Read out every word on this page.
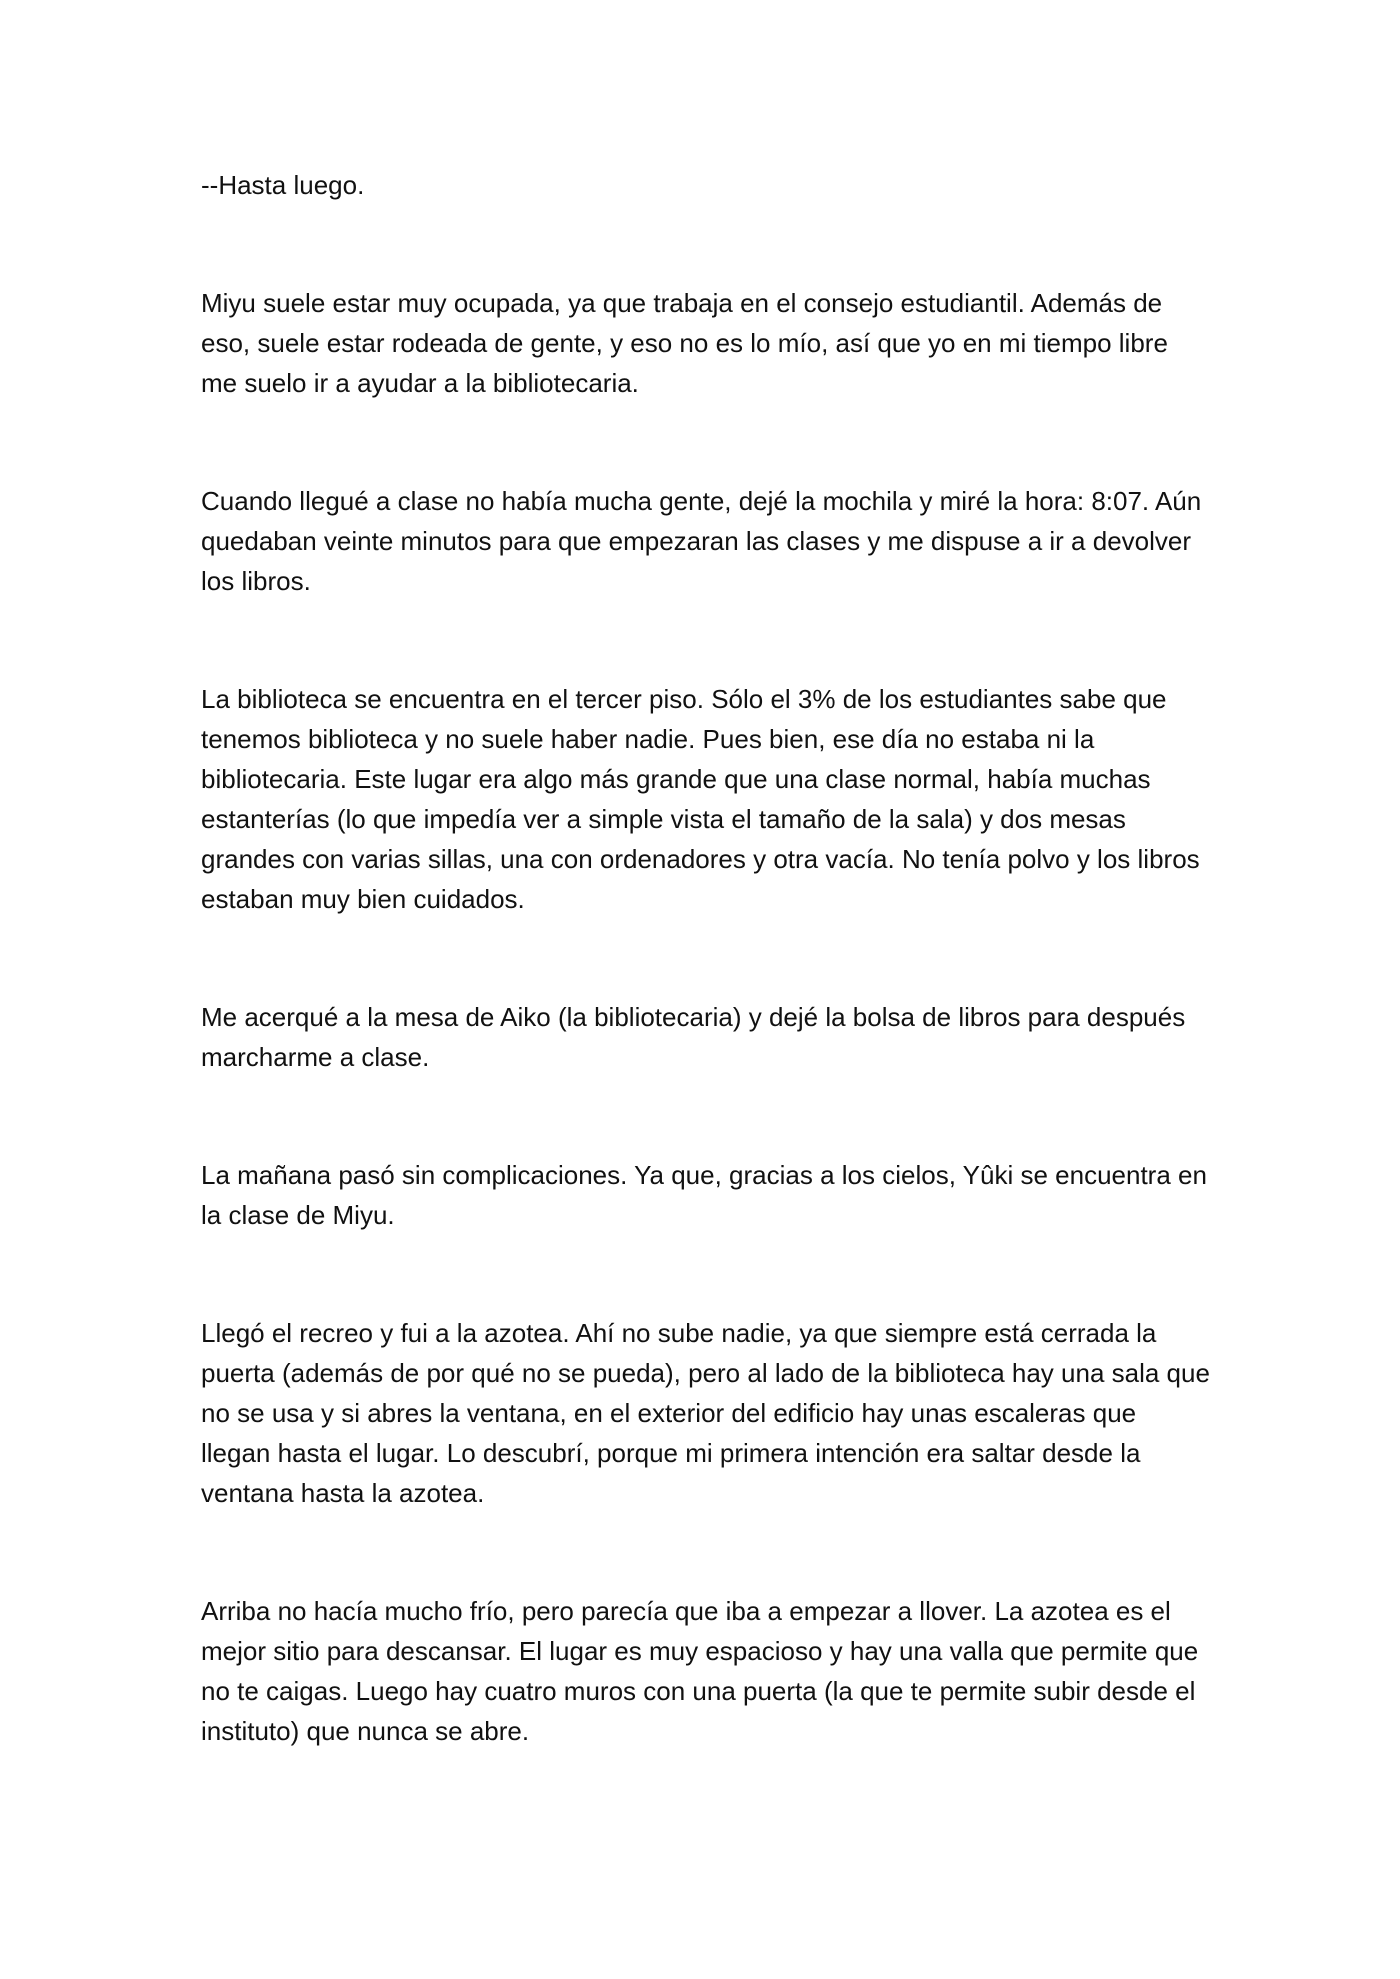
--Hasta luego.

Miyu suele estar muy ocupada, ya que trabaja en el consejo estudiantil. Además de eso, suele estar rodeada de gente, y eso no es lo mío, así que yo en mi tiempo libre me suelo ir a ayudar a la bibliotecaria.

Cuando llegué a clase no había mucha gente, dejé la mochila y miré la hora: 8:07. Aún quedaban veinte minutos para que empezaran las clases y me dispuse a ir a devolver los libros.

La biblioteca se encuentra en el tercer piso. Sólo el 3% de los estudiantes sabe que tenemos biblioteca y no suele haber nadie. Pues bien, ese día no estaba ni la bibliotecaria. Este lugar era algo más grande que una clase normal, había muchas estanterías (lo que impedía ver a simple vista el tamaño de la sala) y dos mesas grandes con varias sillas, una con ordenadores y otra vacía. No tenía polvo y los libros estaban muy bien cuidados.

Me acerqué a la mesa de Aiko (la bibliotecaria) y dejé la bolsa de libros para después marcharme a clase.

La mañana pasó sin complicaciones. Ya que, gracias a los cielos, Yûki se encuentra en la clase de Miyu.

Llegó el recreo y fui a la azotea. Ahí no sube nadie, ya que siempre está cerrada la puerta (además de por qué no se pueda), pero al lado de la biblioteca hay una sala que no se usa y si abres la ventana, en el exterior del edificio hay unas escaleras que llegan hasta el lugar. Lo descubrí, porque mi primera intención era saltar desde la ventana hasta la azotea.

Arriba no hacía mucho frío, pero parecía que iba a empezar a llover. La azotea es el mejor sitio para descansar. El lugar es muy espacioso y hay una valla que permite que no te caigas. Luego hay cuatro muros con una puerta (la que te permite subir desde el instituto) que nunca se abre.
